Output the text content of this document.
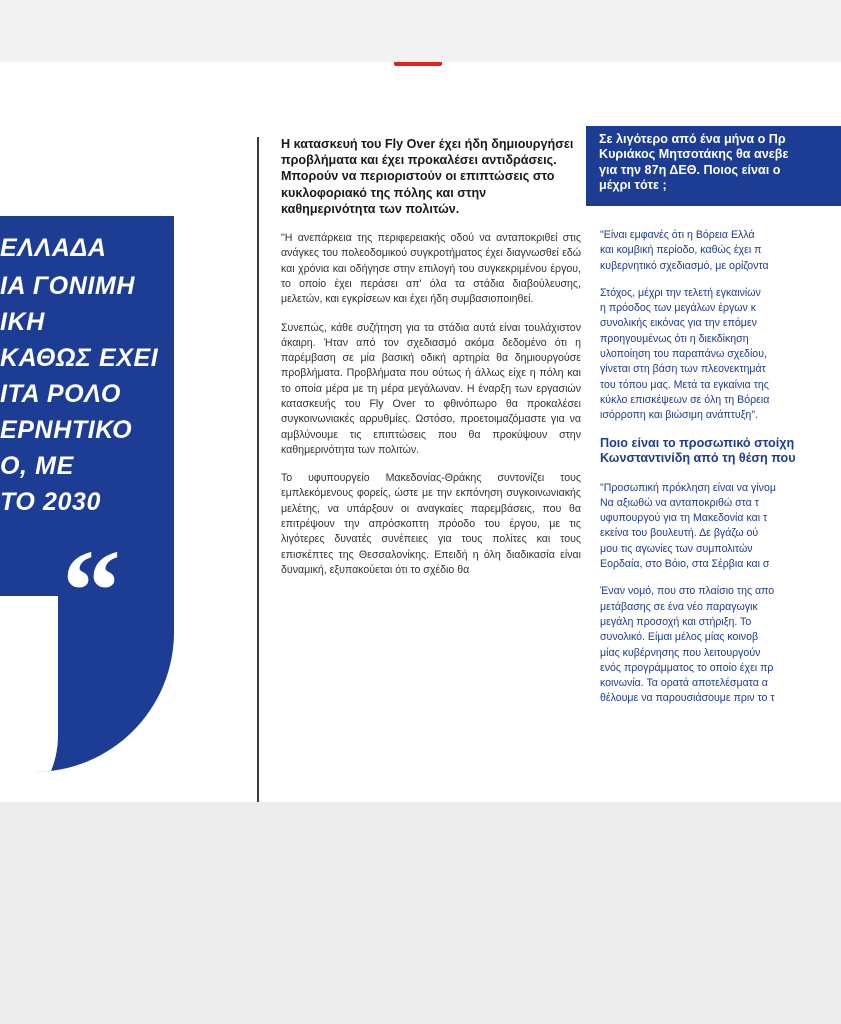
ΕΛΛΑΔΑ

ΙΑ ΓΟΝΙΜΗ

ΙΚΗ

ΚΑΘΩΣ ΕΧΕΙ

ΙΤΑ ΡΟΛΟ

ΕΡΝΗΤΙΚΟ

Ο, ΜΕ

ΤΟ 2030

“

Η κατασκευή του Fly Over έχει ήδη δημιουργήσει προβλήματα και έχει προκαλέσει αντιδράσεις. Μπορούν να περιοριστούν οι επιπτώσεις στο κυκλοφοριακό της πόλης και στην καθημερινότητα των πολιτών.

"Η ανεπάρκεια της περιφερειακής οδού να ανταποκριθεί στις ανάγκες του πολεοδομικού συγκροτήματος έχει διαγνωσθεί εδώ και χρόνια και οδήγησε στην επιλογή του συγκεκριμένου έργου, το οποίο έχει περάσει απ' όλα τα στάδια διαβούλευσης, μελετών, και εγκρίσεων και έχει ήδη συμβασιοποιηθεί.

Συνεπώς, κάθε συζήτηση για τα στάδια αυτά είναι τουλάχιστον άκαιρη. Ήταν από τον σχεδιασμό ακόμα δεδομένο ότι η παρέμβαση σε μία βασική οδική αρτηρία θα δημιουργούσε προβλήματα. Προβλήματα που ούτως ή άλλως είχε η πόλη και το οποία μέρα με τη μέρα μεγάλωναν. Η έναρξη των εργασιών κατασκευής του Fly Over το φθινόπωρο θα προκαλέσει συγκοινωνιακές αρρυθμίες. Ωστόσο, προετοιμαζόμαστε για να αμβλύνουμε τις επιπτώσεις που θα προκύψουν στην καθημερινότητα των πολιτών.

Το υφυπουργείο Μακεδονίας-Θράκης συντονίζει τους εμπλεκόμενους φορείς, ώστε με την εκπόνηση συγκοινωνιακής μελέτης, να υπάρξουν οι αναγκαίες παρεμβάσεις, που θα επιτρέψουν την απρόσκοπτη πρόοδο του έργου, με τις λιγότερες δυνατές συνέπειες για τους πολίτες και τους επισκέπτες της Θεσσαλονίκης. Επειδή η όλη διαδικασία είναι δυναμική, εξυπακούεται ότι το σχέδιο θα

Σε λιγότερο από ένα μήνα ο Πρ
Κυριάκος Μητσοτάκης θα ανεβε
για την 87η ΔΕΘ. Ποιος είναι ο
μέχρι τότε ;

"Είναι εμφανές ότι η Βόρεια Ελλά
και κομβική περίοδο, καθώς έχει π
κυβερνητικό σχεδιασμό, με ορίζοντα

Στόχος, μέχρι την τελετή εγκαινίων
η πρόοδος των μεγάλων έργων κ
συνολικής εικόνας για την επόμεν
προηγουμένως ότι η διεκδίκηση
υλοποίηση του παραπάνω σχεδίου,
γίνεται στη βάση των πλεονεκτημάτ
του τόπου μας. Μετά τα εγκαίνια της
κύκλο επισκέψεων σε όλη τη Βόρεια
ισόρροπη και βιώσιμη ανάπτυξη".

Ποιο είναι το προσωπικό στοίχη
Κωνσταντινίδη από τη θέση που

"Προσωπική πρόκληση είναι να γίνομ
Να αξιωθώ να ανταποκριθώ στα τ
υφυπουργού για τη Μακεδονία και τ
εκείνα του βουλευτή. Δε βγάζω ού
μου τις αγωνίες των συμπολιτών
Εορδαία, στο Βόιο, στα Σέρβια και σ

Έναν νομό, που στο πλαίσιο της απο
μετάβασης σε ένα νέο παραγωγικ
μεγάλη προσοχή και στήριξη. Το
συνολικό. Είμαι μέλος μίας κοινοβ
μίας κυβέρνησης που λειτουργούν
ενός προγράμματος το οποίο έχει πρ
κοινωνία. Τα ορατά αποτελέσματα α
θέλουμε να παρουσιάσουμε πριν το τ
